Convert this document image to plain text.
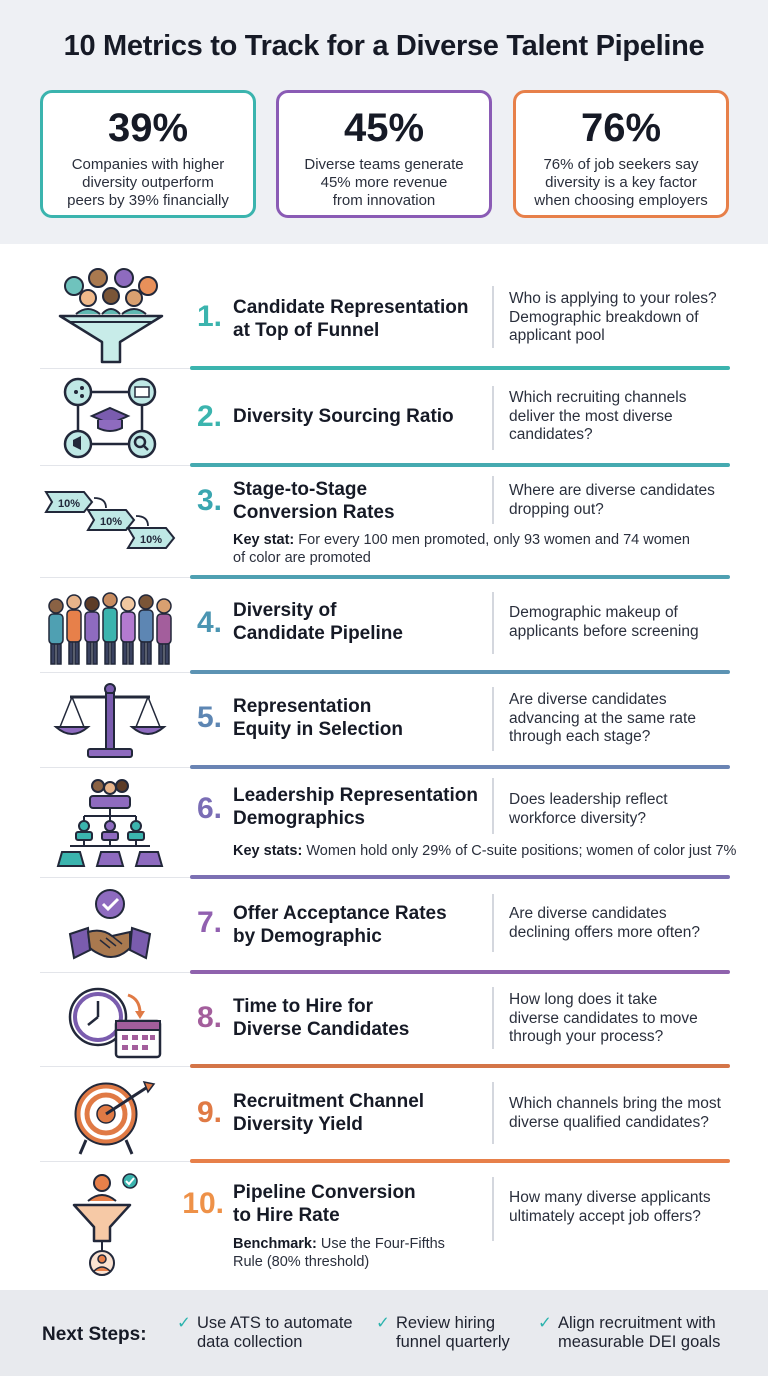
10 Metrics to Track for a Diverse Talent Pipeline
39%
Companies with higher
diversity outperform
peers by 39% financially
45%
Diverse teams generate
45% more revenue
from innovation
76%
76% of job seekers say
diversity is a key factor
when choosing employers
1. Candidate Representation
at Top of Funnel
Who is applying to your roles?
Demographic breakdown of
applicant pool
2. Diversity Sourcing Ratio
Which recruiting channels
deliver the most diverse
candidates?
10%
10%
10%
3. Stage-to-Stage
Conversion Rates
Where are diverse candidates
dropping out?
Key stat: For every 100 men promoted, only 93 women and 74 women
of color are promoted
4. Diversity of
Candidate Pipeline
Demographic makeup of
applicants before screening
5. Representation
Equity in Selection
Are diverse candidates
advancing at the same rate
through each stage?
6. Leadership Representation
Demographics
Does leadership reflect
workforce diversity?
Key stats: Women hold only 29% of C-suite positions; women of color just 7%
7. Offer Acceptance Rates
by Demographic
Are diverse candidates
declining offers more often?
8. Time to Hire for
Diverse Candidates
How long does it take
diverse candidates to move
through your process?
9. Recruitment Channel
Diversity Yield
Which channels bring the most
diverse qualified candidates?
10. Pipeline Conversion
to Hire Rate
How many diverse applicants
ultimately accept job offers?
Benchmark: Use the Four-Fifths
Rule (80% threshold)
Next Steps:
✓ Use ATS to automate
data collection
✓ Review hiring
funnel quarterly
✓ Align recruitment with
measurable DEI goals
